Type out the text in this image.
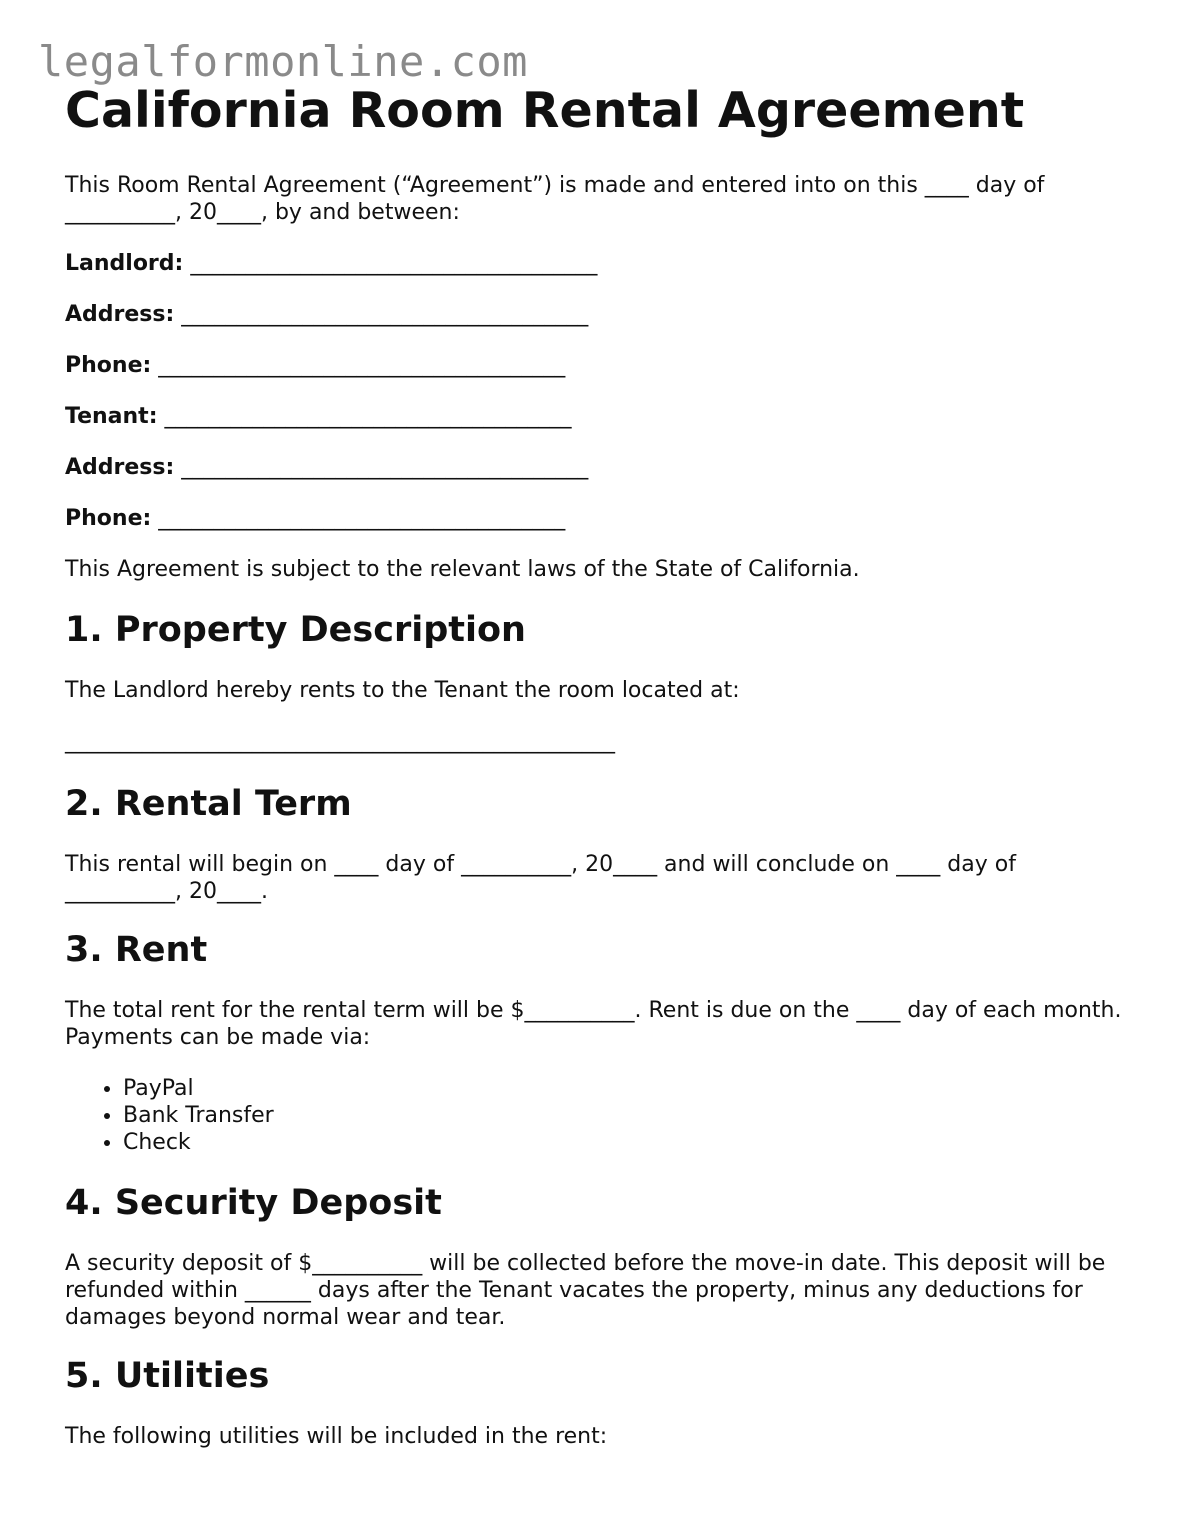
legalformonline.com
California Room Rental Agreement

This Room Rental Agreement (“Agreement”) is made and entered into on this ____ day of __________, 20____, by and between:

Landlord: _____________________________________
Address: _____________________________________
Phone: _____________________________________
Tenant: _____________________________________
Address: _____________________________________
Phone: _____________________________________

This Agreement is subject to the relevant laws of the State of California.

1. Property Description

The Landlord hereby rents to the Tenant the room located at:

__________________________________________________
2. Rental Term

This rental will begin on ____ day of __________, 20____ and will conclude on ____ day of __________, 20____.

3. Rent

The total rent for the rental term will be $__________. Rent is due on the ____ day of each month. Payments can be made via:

• PayPal
• Bank Transfer
• Check
4. Security Deposit

A security deposit of $__________ will be collected before the move-in date. This deposit will be refunded within ______ days after the Tenant vacates the property, minus any deductions for damages beyond normal wear and tear.

5. Utilities

The following utilities will be included in the rent:
